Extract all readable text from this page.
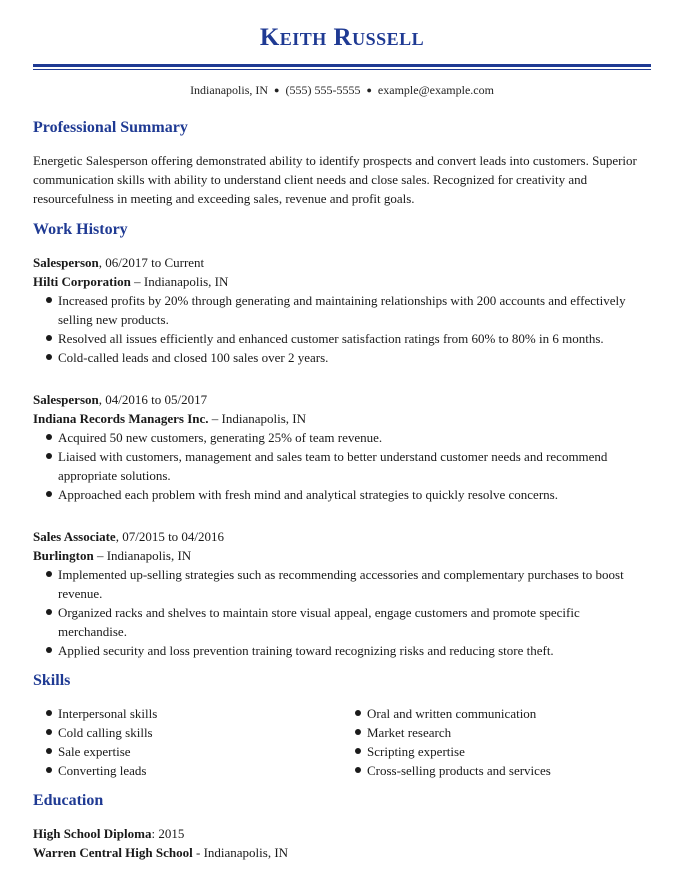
Keith Russell
Indianapolis, IN ● (555) 555-5555 ● example@example.com
Professional Summary
Energetic Salesperson offering demonstrated ability to identify prospects and convert leads into customers. Superior communication skills with ability to understand client needs and close sales. Recognized for creativity and resourcefulness in meeting and exceeding sales, revenue and profit goals.
Work History
Salesperson, 06/2017 to Current
Hilti Corporation – Indianapolis, IN
Increased profits by 20% through generating and maintaining relationships with 200 accounts and effectively selling new products.
Resolved all issues efficiently and enhanced customer satisfaction ratings from 60% to 80% in 6 months.
Cold-called leads and closed 100 sales over 2 years.
Salesperson, 04/2016 to 05/2017
Indiana Records Managers Inc. – Indianapolis, IN
Acquired 50 new customers, generating 25% of team revenue.
Liaised with customers, management and sales team to better understand customer needs and recommend appropriate solutions.
Approached each problem with fresh mind and analytical strategies to quickly resolve concerns.
Sales Associate, 07/2015 to 04/2016
Burlington – Indianapolis, IN
Implemented up-selling strategies such as recommending accessories and complementary purchases to boost revenue.
Organized racks and shelves to maintain store visual appeal, engage customers and promote specific merchandise.
Applied security and loss prevention training toward recognizing risks and reducing store theft.
Skills
Interpersonal skills
Cold calling skills
Sale expertise
Converting leads
Oral and written communication
Market research
Scripting expertise
Cross-selling products and services
Education
High School Diploma: 2015
Warren Central High School - Indianapolis, IN
